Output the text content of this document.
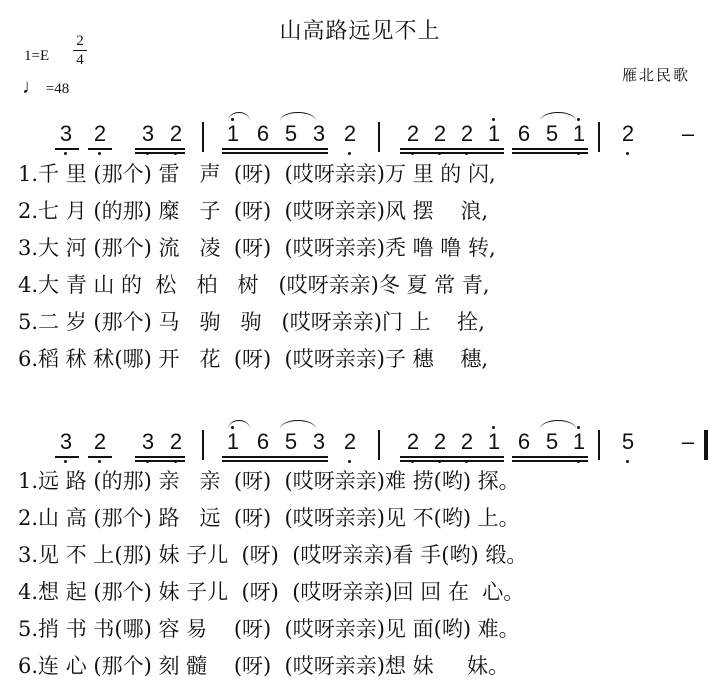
山高路远见不上
1=E
2
4
♩ =48
雁北民歌
3 2 3 2 1 6 5 3 2 2 2 2 1 6 5 1 2 –
1.千 里 (那个) 雷   声  (呀)  (哎呀亲亲)万 里 的 闪,
2.七 月 (的那) 糜   子  (呀)  (哎呀亲亲)风 摆    浪,
3.大 河 (那个) 流   凌  (呀)  (哎呀亲亲)秃 噜 噜 转,
4.大 青 山 的  松   柏   树   (哎呀亲亲)冬 夏 常 青,
5.二 岁 (那个) 马   驹   驹   (哎呀亲亲)门 上    拴,
6.稻 秫 秫(哪) 开   花  (呀)  (哎呀亲亲)子 穗    穗,
3 2 3 2 1 6 5 3 2 2 2 2 1 6 5 1 5 –
1.远 路 (的那) 亲   亲  (呀)  (哎呀亲亲)难 捞(哟) 探。
2.山 高 (那个) 路   远  (呀)  (哎呀亲亲)见 不(哟) 上。
3.见 不 上(那) 妹 子儿  (呀)  (哎呀亲亲)看 手(哟) 缎。
4.想 起 (那个) 妹 子儿  (呀)  (哎呀亲亲)回 回 在  心。
5.捎 书 书(哪) 容 易    (呀)  (哎呀亲亲)见 面(哟) 难。
6.连 心 (那个) 刻 髓    (呀)  (哎呀亲亲)想 妹     妹。
